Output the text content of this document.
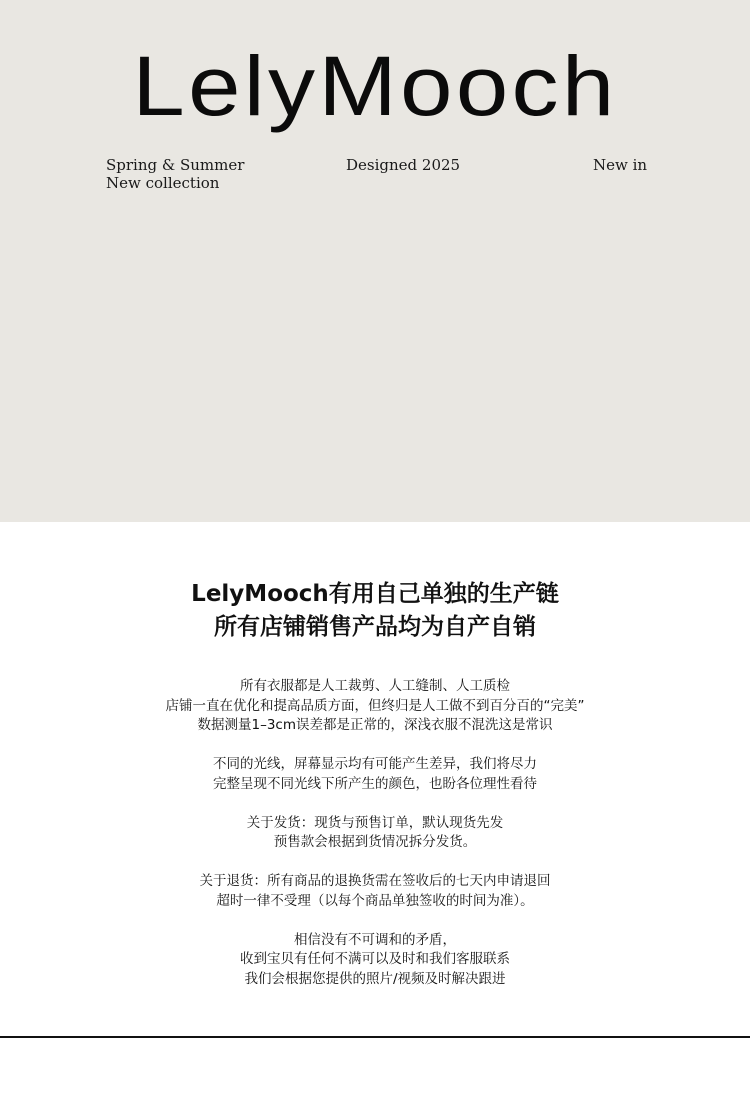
LelyMooch
Spring & Summer
New collection
Designed 2025	New in
LelyMooch有用自己单独的生产链
所有店铺销售产品均为自产自销
所有衣服都是人工裁剪、人工缝制、人工质检
店铺一直在优化和提高品质方面，但终归是人工做不到百分百的“完美”
数据测量1–3cm误差都是正常的，深浅衣服不混洗这是常识
不同的光线，屏幕显示均有可能产生差异，我们将尽力
完整呈现不同光线下所产生的颜色，也盼各位理性看待
关于发货：现货与预售订单，默认现货先发
预售款会根据到货情况拆分发货。
关于退货：所有商品的退换货需在签收后的七天内申请退回
超时一律不受理（以每个商品单独签收的时间为准）。
相信没有不可调和的矛盾，
收到宝贝有任何不满可以及时和我们客服联系
我们会根据您提供的照片/视频及时解决跟进
